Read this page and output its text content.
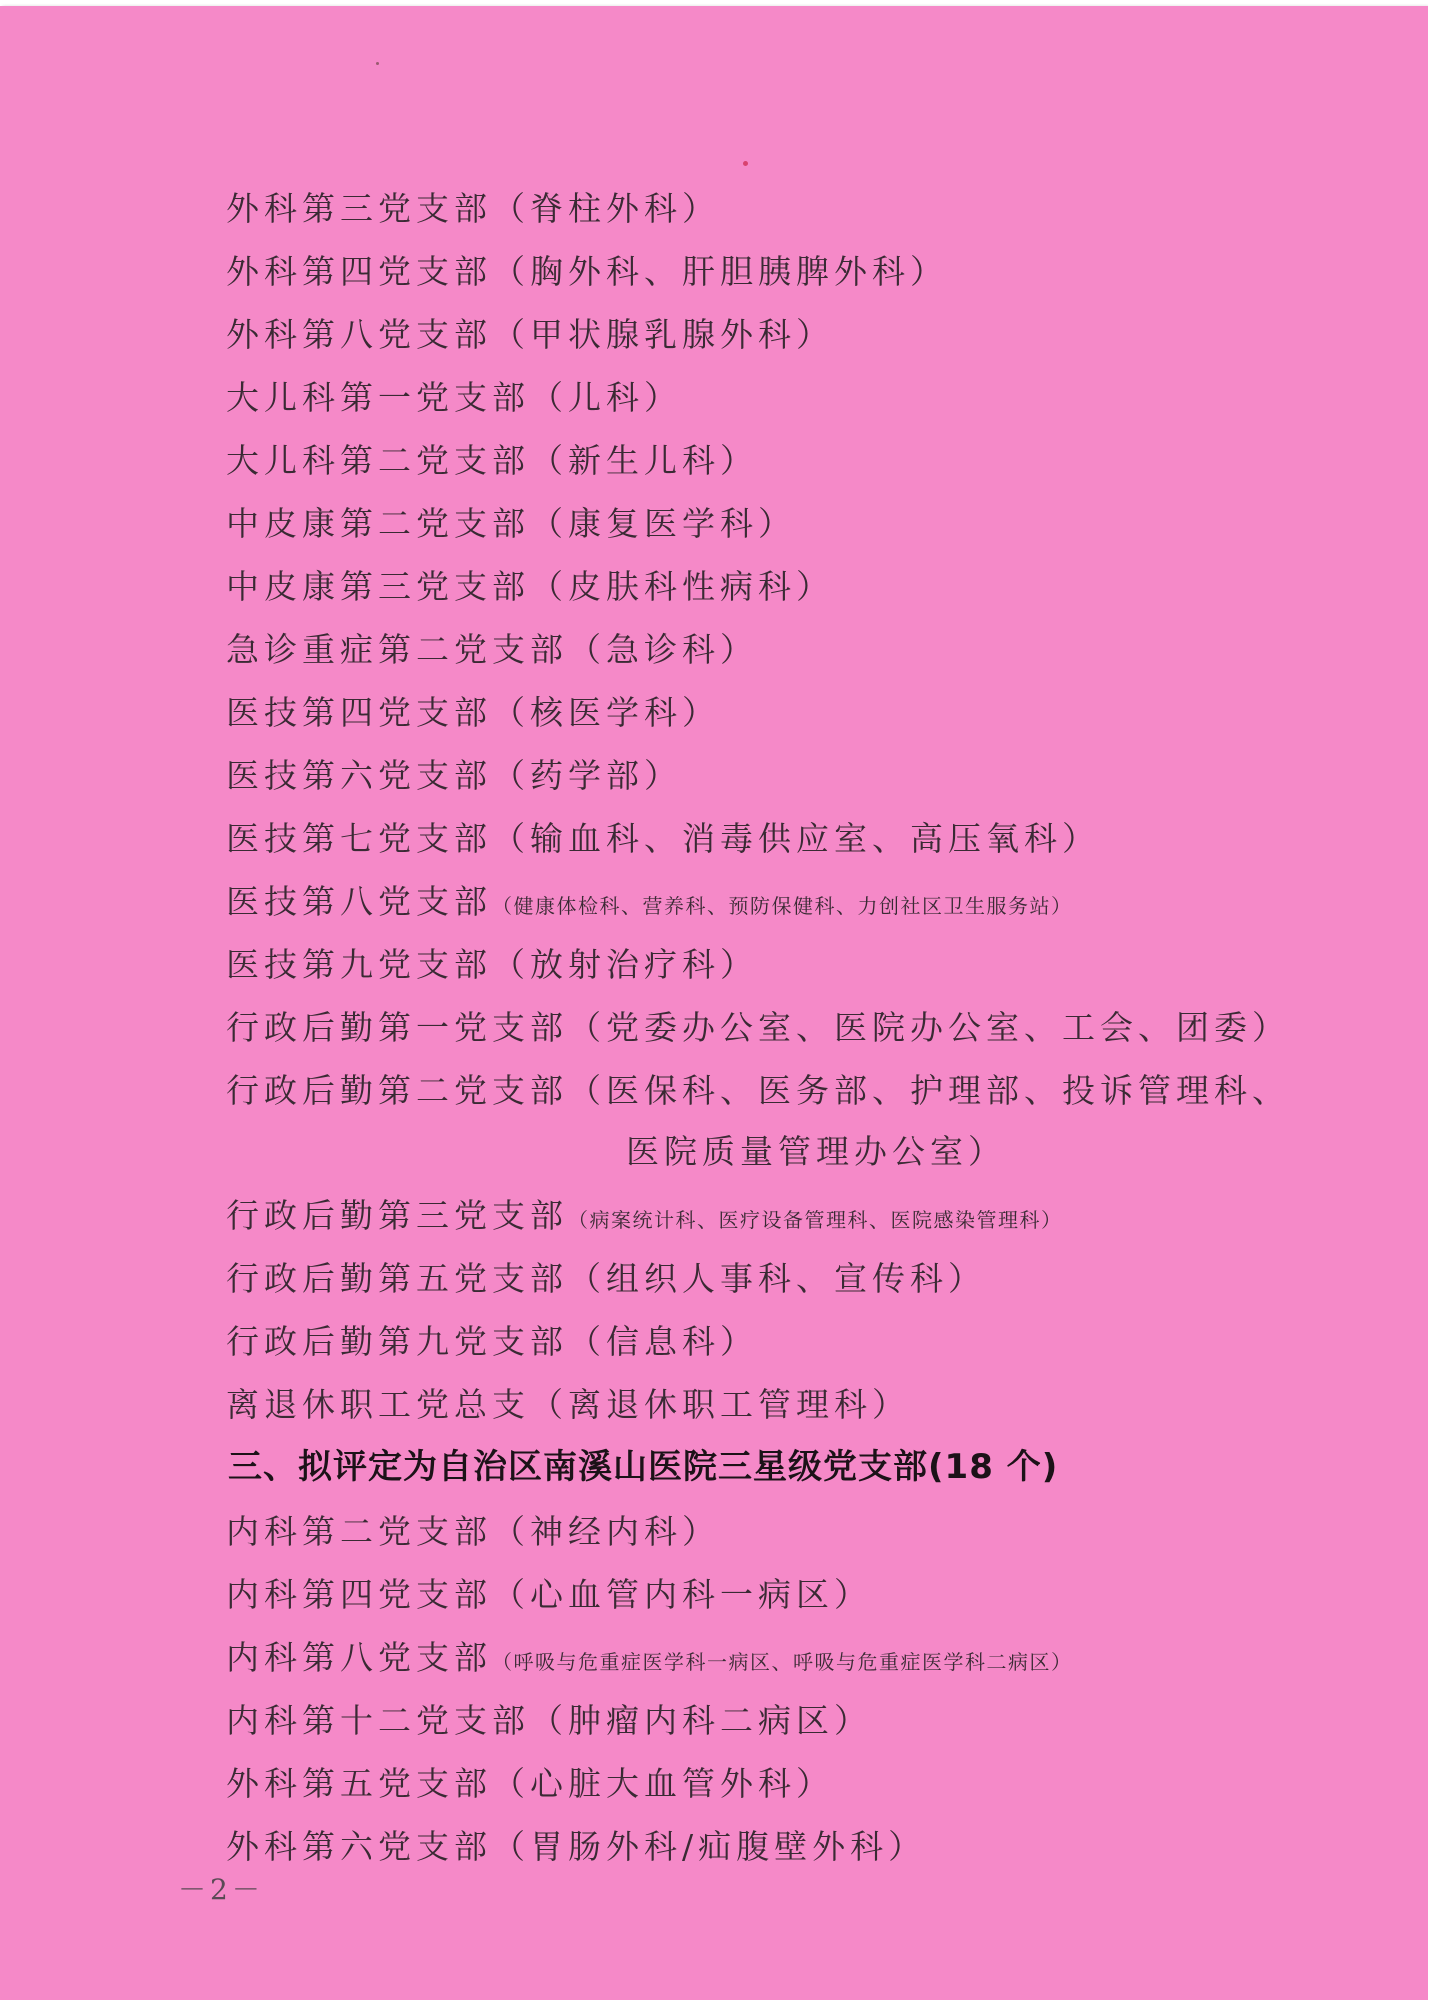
外科第三党支部（脊柱外科）
外科第四党支部（胸外科、肝胆胰脾外科）
外科第八党支部（甲状腺乳腺外科）
大儿科第一党支部（儿科）
大儿科第二党支部（新生儿科）
中皮康第二党支部（康复医学科）
中皮康第三党支部（皮肤科性病科）
急诊重症第二党支部（急诊科）
医技第四党支部（核医学科）
医技第六党支部（药学部）
医技第七党支部（输血科、消毒供应室、高压氧科）
医技第八党支部（健康体检科、营养科、预防保健科、力创社区卫生服务站）
医技第九党支部（放射治疗科）
行政后勤第一党支部（党委办公室、医院办公室、工会、团委）
行政后勤第二党支部（医保科、医务部、护理部、投诉管理科、
医院质量管理办公室）
行政后勤第三党支部（病案统计科、医疗设备管理科、医院感染管理科）
行政后勤第五党支部（组织人事科、宣传科）
行政后勤第九党支部（信息科）
离退休职工党总支（离退休职工管理科）
三、拟评定为自治区南溪山医院三星级党支部(18 个)
内科第二党支部（神经内科）
内科第四党支部（心血管内科一病区）
内科第八党支部（呼吸与危重症医学科一病区、呼吸与危重症医学科二病区）
内科第十二党支部（肿瘤内科二病区）
外科第五党支部（心脏大血管外科）
外科第六党支部（胃肠外科/疝腹壁外科）
－2－
